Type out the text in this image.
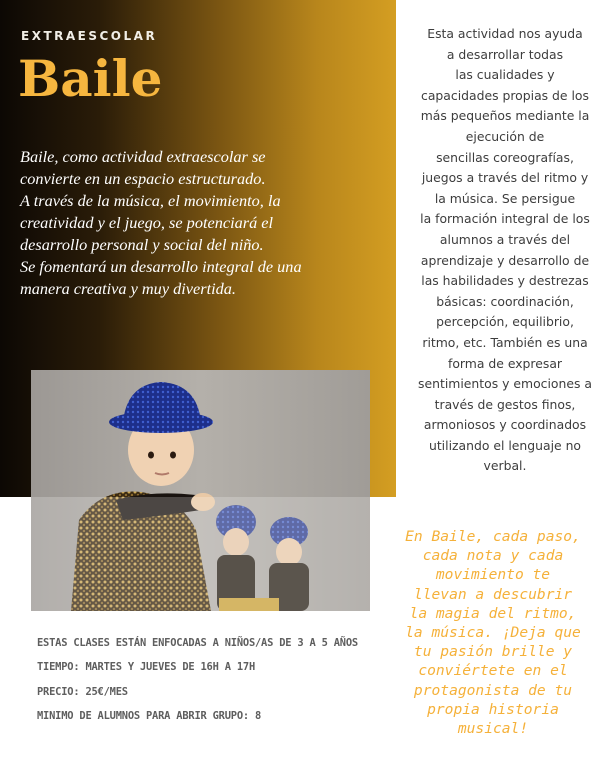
EXTRAESCOLAR
Baile

Baile, como actividad extraescolar se
convierte en un espacio estructurado.
A través de la música, el movimiento, la
creatividad y el juego, se potenciará el
desarrollo personal y social del niño.
Se fomentará un desarrollo integral de una
manera creativa y muy divertida.

Esta actividad nos ayuda
a desarrollar todas
las cualidades y
capacidades propias de los
más pequeños mediante la
ejecución de
sencillas coreografías,
juegos a través del ritmo y
la música. Se persigue
la formación integral de los
alumnos a través del
aprendizaje y desarrollo de
las habilidades y destrezas
básicas: coordinación,
percepción, equilibrio,
ritmo, etc. También es una
forma de expresar
sentimientos y emociones a
través de gestos finos,
armoniosos y coordinados
utilizando el lenguaje no
verbal.

ESTAS CLASES ESTÁN ENFOCADAS A NIÑOS/AS DE 3 A 5 AÑOS
TIEMPO: MARTES Y JUEVES DE 16H A 17H
PRECIO: 25€/MES
MINIMO DE ALUMNOS PARA ABRIR GRUPO: 8

En Baile, cada paso,
cada nota y cada
movimiento te
llevan a descubrir
la magia del ritmo,
la música. ¡Deja que
tu pasión brille y
conviértete en el
protagonista de tu
propia historia
musical!
